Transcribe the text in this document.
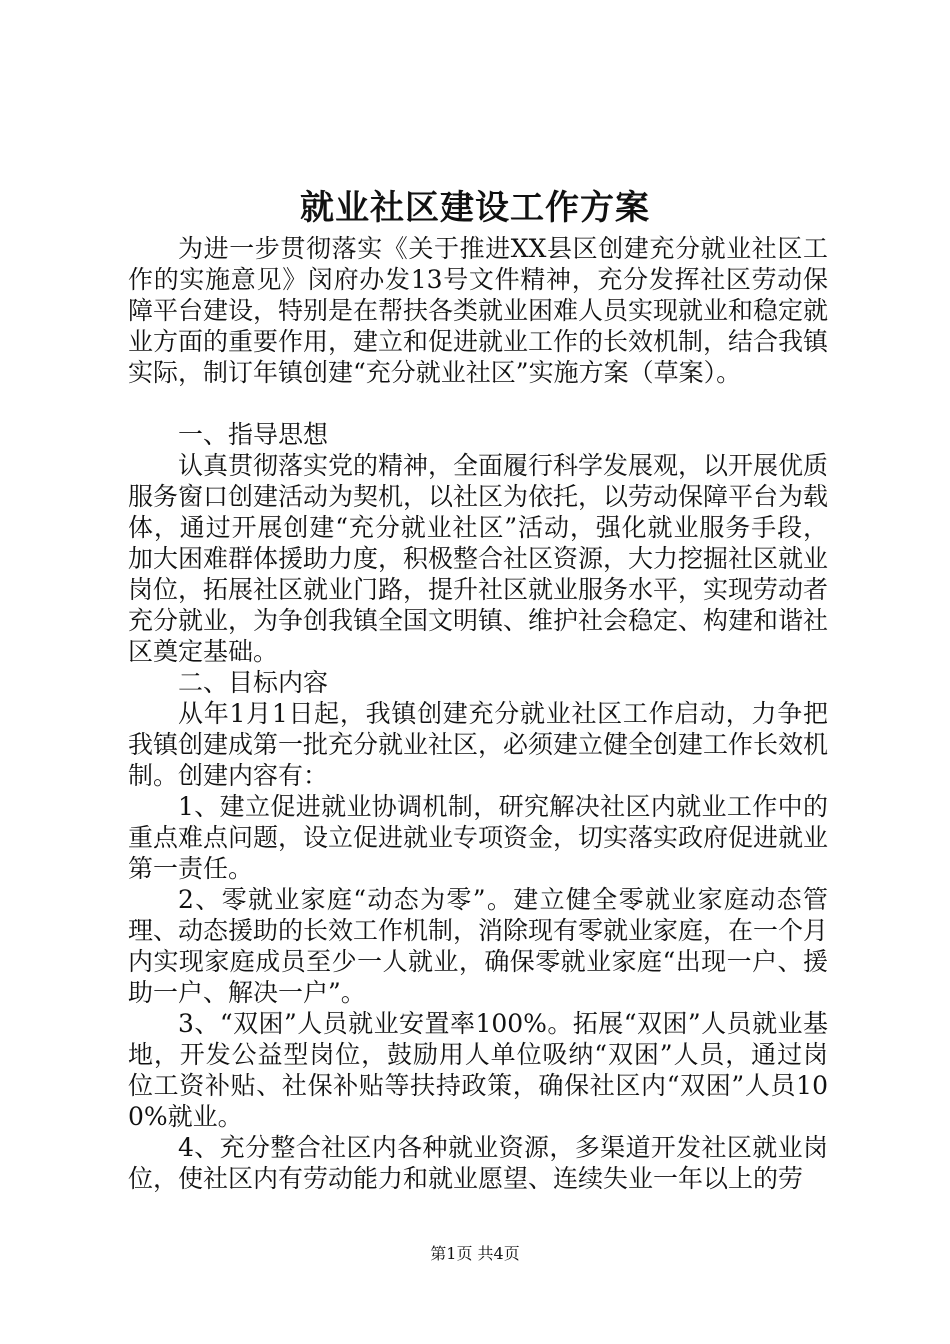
就业社区建设工作方案

为进一步贯彻落实《关于推进XX县区创建充分就业社区工作的实施意见》闵府办发13号文件精神，充分发挥社区劳动保障平台建设，特别是在帮扶各类就业困难人员实现就业和稳定就业方面的重要作用，建立和促进就业工作的长效机制，结合我镇实际，制订年镇创建“充分就业社区”实施方案（草案）。

一、指导思想

认真贯彻落实党的精神，全面履行科学发展观，以开展优质服务窗口创建活动为契机，以社区为依托，以劳动保障平台为载体，通过开展创建“充分就业社区”活动，强化就业服务手段，加大困难群体援助力度，积极整合社区资源，大力挖掘社区就业岗位，拓展社区就业门路，提升社区就业服务水平，实现劳动者充分就业，为争创我镇全国文明镇、维护社会稳定、构建和谐社区奠定基础。

二、目标内容

从年1月1日起，我镇创建充分就业社区工作启动，力争把我镇创建成第一批充分就业社区，必须建立健全创建工作长效机制。创建内容有：

1、建立促进就业协调机制，研究解决社区内就业工作中的重点难点问题，设立促进就业专项资金，切实落实政府促进就业第一责任。

2、零就业家庭“动态为零”。建立健全零就业家庭动态管理、动态援助的长效工作机制，消除现有零就业家庭，在一个月内实现家庭成员至少一人就业，确保零就业家庭“出现一户、援助一户、解决一户”。

3、“双困”人员就业安置率100%。拓展“双困”人员就业基地，开发公益型岗位，鼓励用人单位吸纳“双困”人员，通过岗位工资补贴、社保补贴等扶持政策，确保社区内“双困”人员100%就业。

4、充分整合社区内各种就业资源，多渠道开发社区就业岗位，使社区内有劳动能力和就业愿望、连续失业一年以上的劳

第1页 共4页
